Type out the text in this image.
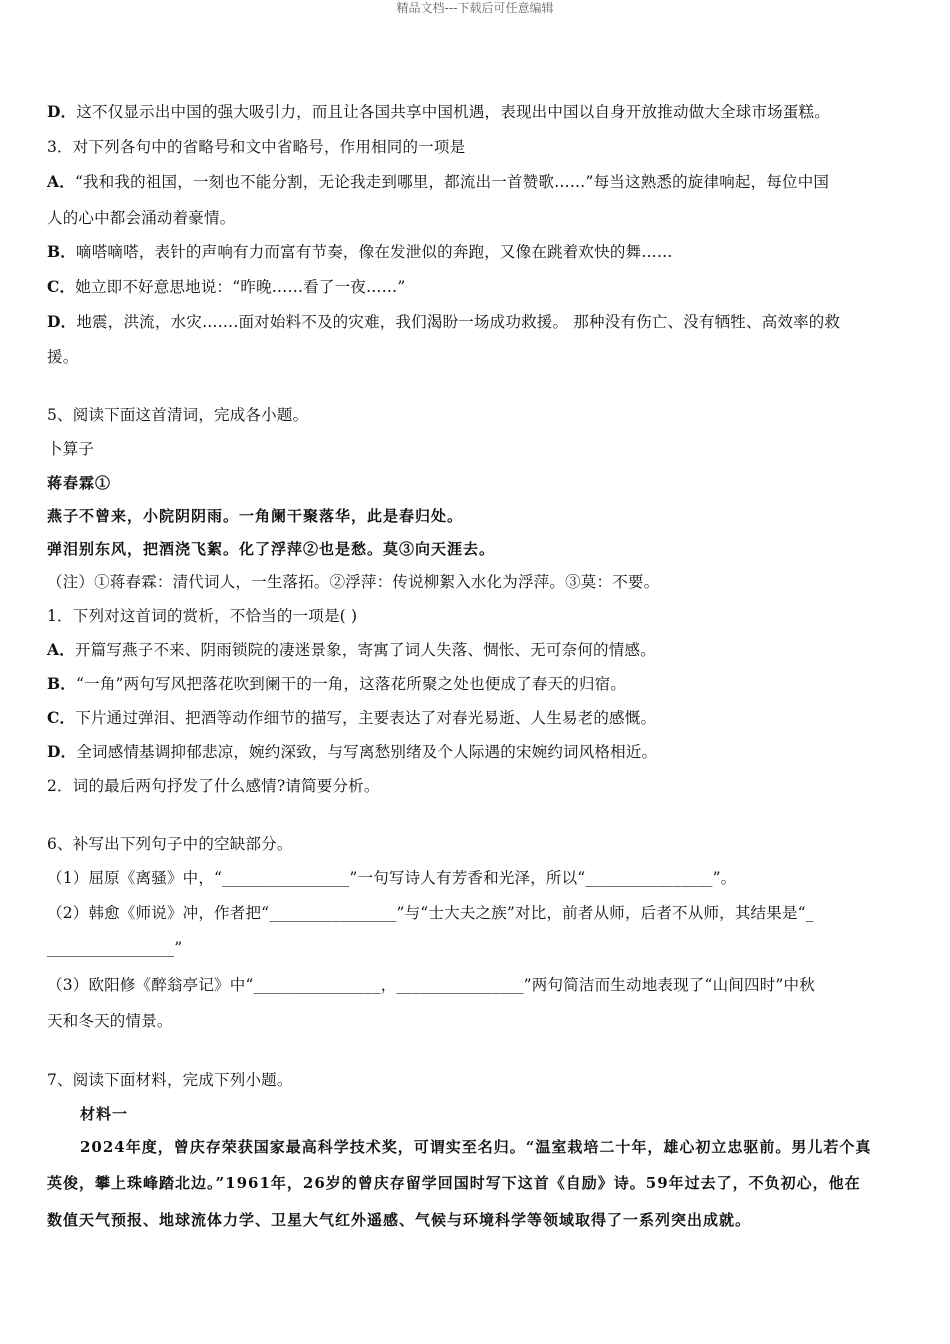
精品文档---下载后可任意编辑
D．这不仅显示出中国的强大吸引力，而且让各国共享中国机遇，表现出中国以自身开放推动做大全球市场蛋糕。
3．对下列各句中的省略号和文中省略号，作用相同的一项是
A．“我和我的祖国，一刻也不能分割，无论我走到哪里，都流出一首赞歌……”每当这熟悉的旋律响起，每位中国
人的心中都会涌动着豪情。
B．嘀嗒嘀嗒，表针的声响有力而富有节奏，像在发泄似的奔跑，又像在跳着欢快的舞……
C．她立即不好意思地说：“昨晚……看了一夜……”
D．地震，洪流，水灾…….面对始料不及的灾难，我们渴盼一场成功救援。 那种没有伤亡、没有牺牲、高效率的救
援。
5、阅读下面这首清词，完成各小题。
卜算子
蒋春霖①
燕子不曾来，小院阴阴雨。一角阑干聚落华，此是春归处。
弹泪别东风，把酒浇飞絮。化了浮萍②也是愁。莫③向天涯去。
（注）①蒋春霖：清代词人，一生落拓。②浮萍：传说柳絮入水化为浮萍。③莫：不要。
1．下列对这首词的赏析，不恰当的一项是( )
A．开篇写燕子不来、阴雨锁院的凄迷景象，寄寓了词人失落、惆怅、无可奈何的情感。
B．“一角”两句写风把落花吹到阑干的一角，这落花所聚之处也便成了春天的归宿。
C．下片通过弹泪、把酒等动作细节的描写，主要表达了对春光易逝、人生易老的感慨。
D．全词感情基调抑郁悲凉，婉约深致，与写离愁别绪及个人际遇的宋婉约词风格相近。
2．词的最后两句抒发了什么感情?请简要分析。
6、补写出下列句子中的空缺部分。
（1）屈原《离骚》中，“________________”一句写诗人有芳香和光泽，所以“________________”。
（2）韩愈《师说》冲，作者把“________________”与“士大夫之族”对比，前者从师，后者不从师，其结果是“_
________________”
（3）欧阳修《醉翁亭记》中“________________，________________”两句简洁而生动地表现了“山间四时”中秋
天和冬天的情景。
7、阅读下面材料，完成下列小题。
材料一
2024年度，曾庆存荣获国家最高科学技术奖，可谓实至名归。“温室栽培二十年，雄心初立忠驱前。男儿若个真
英俊，攀上珠峰踏北边。”1961年，26岁的曾庆存留学回国时写下这首《自励》诗。59年过去了，不负初心，他在
数值天气预报、地球流体力学、卫星大气红外遥感、气候与环境科学等领域取得了一系列突出成就。
